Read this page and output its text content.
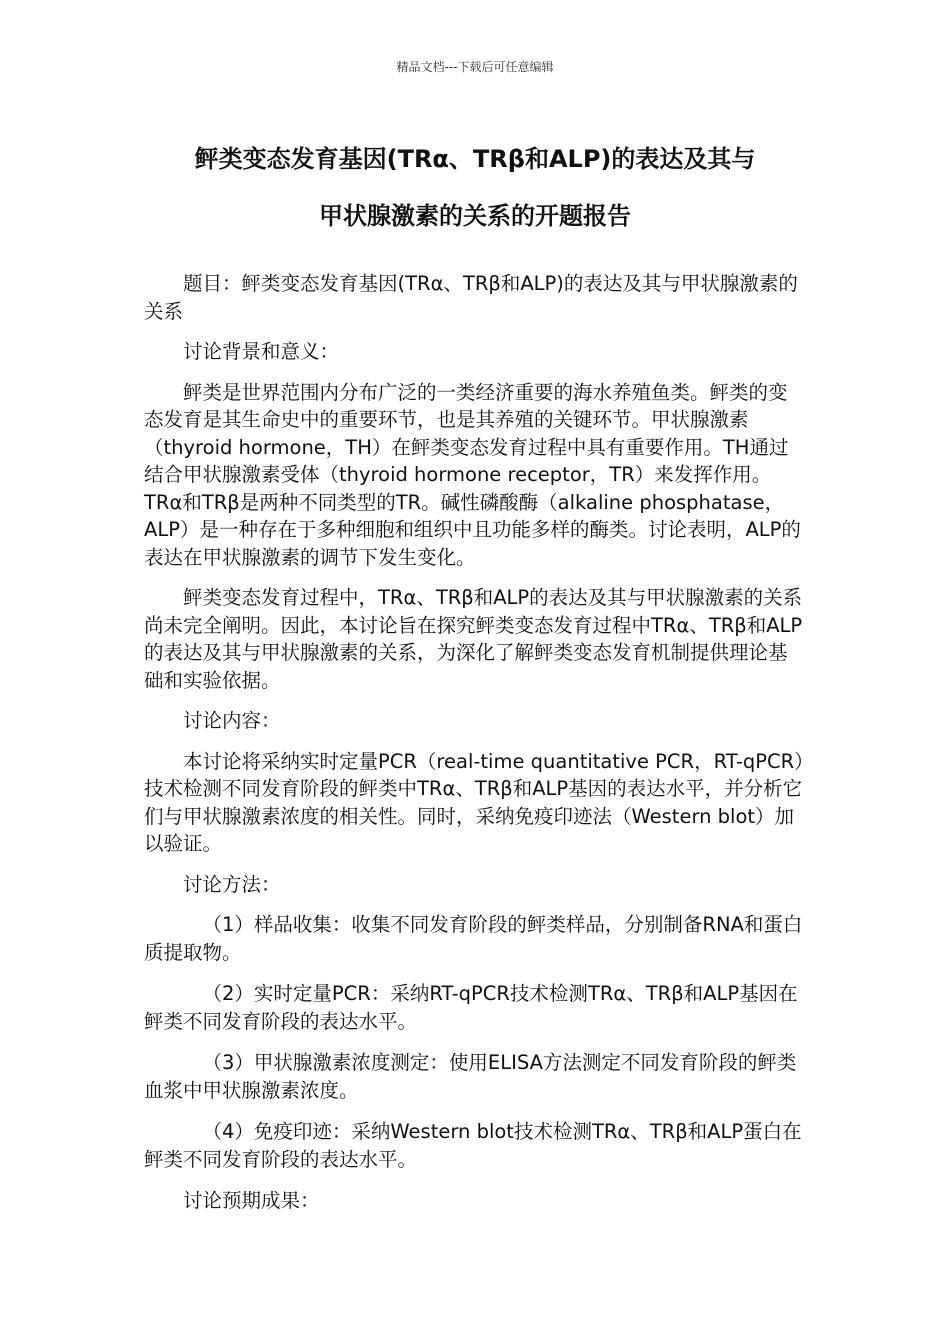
精品文档---下载后可任意编辑
鲆类变态发育基因(TRα、TRβ和ALP)的表达及其与
甲状腺激素的关系的开题报告

题目：鲆类变态发育基因(TRα、TRβ和ALP)的表达及其与甲状腺激素的关系

讨论背景和意义：

鲆类是世界范围内分布广泛的一类经济重要的海水养殖鱼类。鲆类的变态发育是其生命史中的重要环节，也是其养殖的关键环节。甲状腺激素（thyroid hormone，TH）在鲆类变态发育过程中具有重要作用。TH通过结合甲状腺激素受体（thyroid hormone receptor，TR）来发挥作用。TRα和TRβ是两种不同类型的TR。碱性磷酸酶（alkaline phosphatase，ALP）是一种存在于多种细胞和组织中且功能多样的酶类。讨论表明，ALP的表达在甲状腺激素的调节下发生变化。

鲆类变态发育过程中，TRα、TRβ和ALP的表达及其与甲状腺激素的关系尚未完全阐明。因此，本讨论旨在探究鲆类变态发育过程中TRα、TRβ和ALP的表达及其与甲状腺激素的关系，为深化了解鲆类变态发育机制提供理论基础和实验依据。

讨论内容：

本讨论将采纳实时定量PCR（real-time quantitative PCR，RT-qPCR）技术检测不同发育阶段的鲆类中TRα、TRβ和ALP基因的表达水平，并分析它们与甲状腺激素浓度的相关性。同时，采纳免疫印迹法（Western blot）加以验证。

讨论方法：

（1）样品收集：收集不同发育阶段的鲆类样品，分别制备RNA和蛋白质提取物。

（2）实时定量PCR：采纳RT-qPCR技术检测TRα、TRβ和ALP基因在鲆类不同发育阶段的表达水平。

（3）甲状腺激素浓度测定：使用ELISA方法测定不同发育阶段的鲆类血浆中甲状腺激素浓度。

（4）免疫印迹：采纳Western blot技术检测TRα、TRβ和ALP蛋白在鲆类不同发育阶段的表达水平。

讨论预期成果：
